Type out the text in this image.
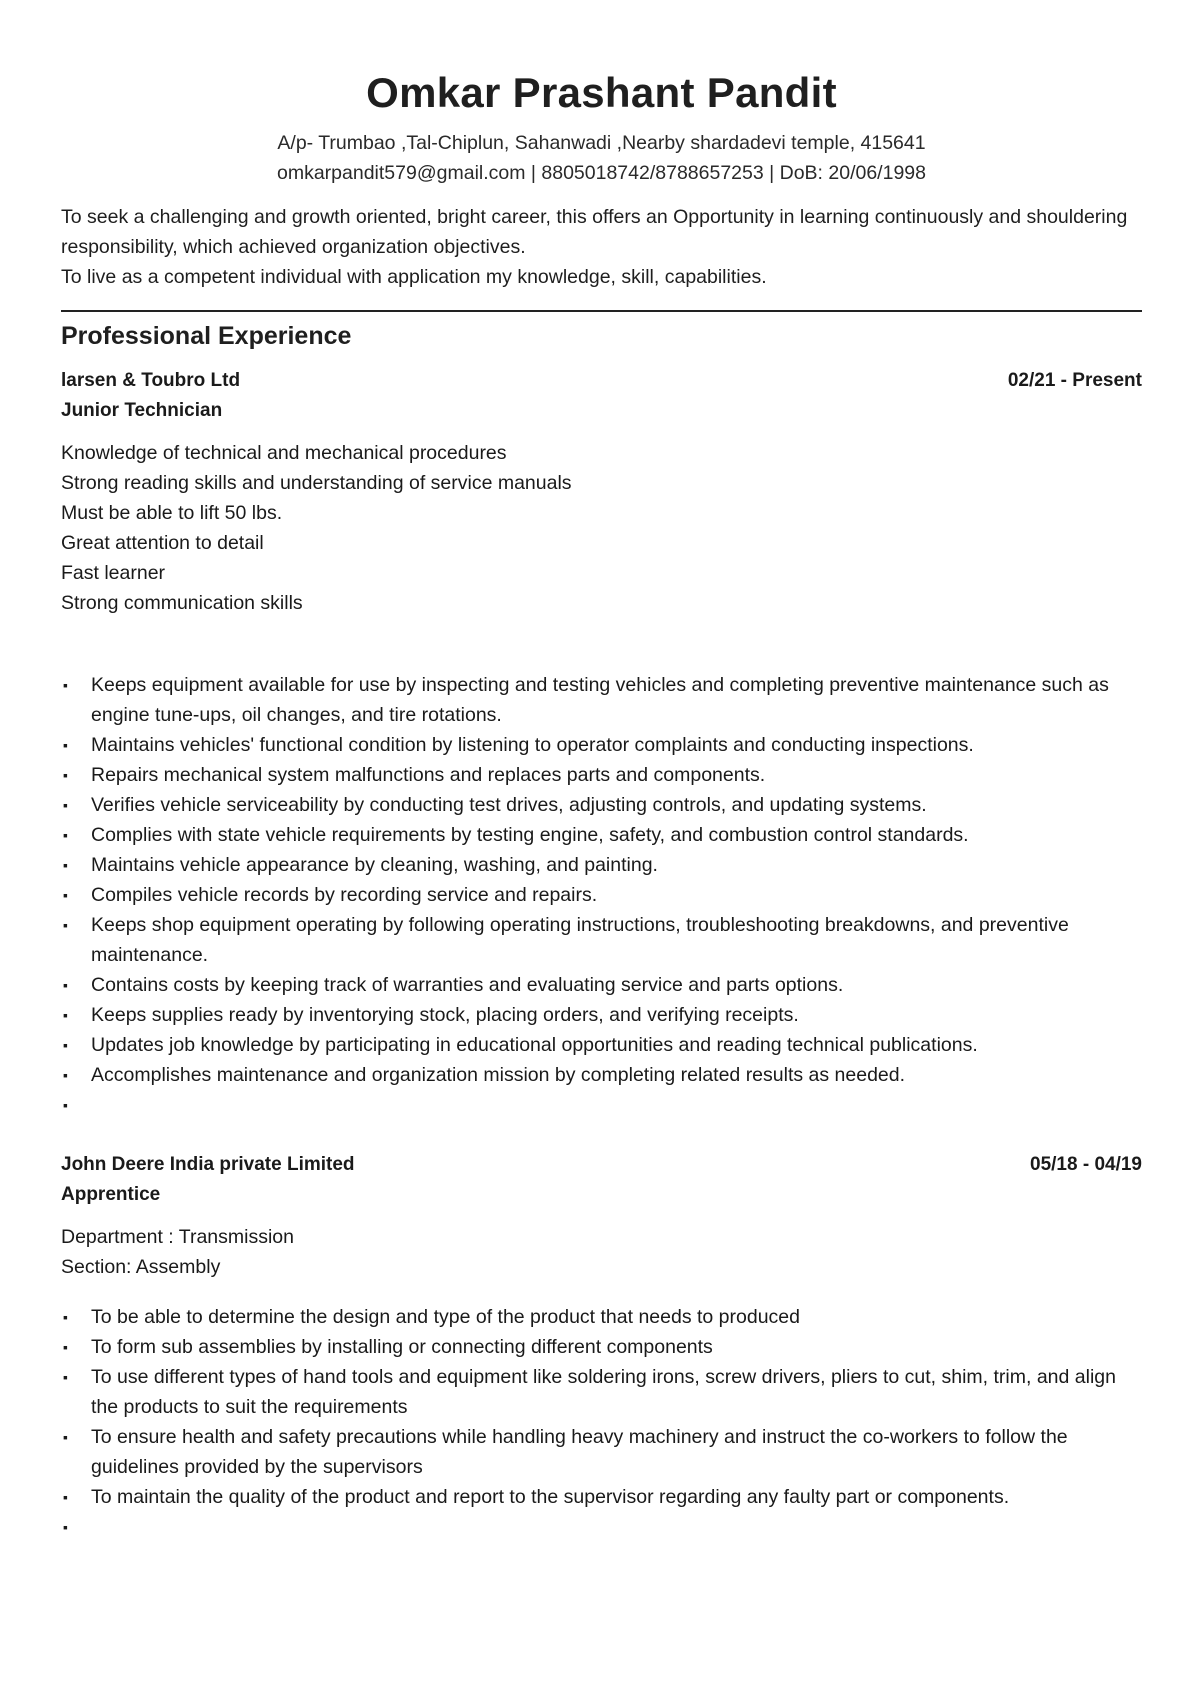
Omkar Prashant Pandit
A/p- Trumbao ,Tal-Chiplun, Sahanwadi ,Nearby shardadevi temple, 415641
omkarpandit579@gmail.com | 8805018742/8788657253 | DoB: 20/06/1998

To seek a challenging and growth oriented, bright career, this offers an Opportunity in learning continuously and shouldering responsibility, which achieved organization objectives.

To live as a competent individual with application my knowledge, skill, capabilities.

Professional Experience
larsen & Toubro Ltd	02/21 - Present
Junior Technician
Knowledge of technical and mechanical procedures
Strong reading skills and understanding of service manuals
Must be able to lift 50 lbs.
Great attention to detail
Fast learner
Strong communication skills
▪ Keeps equipment available for use by inspecting and testing vehicles and completing preventive maintenance such as engine tune-ups, oil changes, and tire rotations.
▪ Maintains vehicles' functional condition by listening to operator complaints and conducting inspections.
▪ Repairs mechanical system malfunctions and replaces parts and components.
▪ Verifies vehicle serviceability by conducting test drives, adjusting controls, and updating systems.
▪ Complies with state vehicle requirements by testing engine, safety, and combustion control standards.
▪ Maintains vehicle appearance by cleaning, washing, and painting.
▪ Compiles vehicle records by recording service and repairs.
▪ Keeps shop equipment operating by following operating instructions, troubleshooting breakdowns, and preventive maintenance.
▪ Contains costs by keeping track of warranties and evaluating service and parts options.
▪ Keeps supplies ready by inventorying stock, placing orders, and verifying receipts.
▪ Updates job knowledge by participating in educational opportunities and reading technical publications.
▪ Accomplishes maintenance and organization mission by completing related results as needed.
▪

John Deere India private Limited	05/18 - 04/19
Apprentice
Department : Transmission
Section: Assembly
▪ To be able to determine the design and type of the product that needs to produced
▪ To form sub assemblies by installing or connecting different components
▪ To use different types of hand tools and equipment like soldering irons, screw drivers, pliers to cut, shim, trim, and align the products to suit the requirements
▪ To ensure health and safety precautions while handling heavy machinery and instruct the co-workers to follow the guidelines provided by the supervisors
▪ To maintain the quality of the product and report to the supervisor regarding any faulty part or components.
▪
